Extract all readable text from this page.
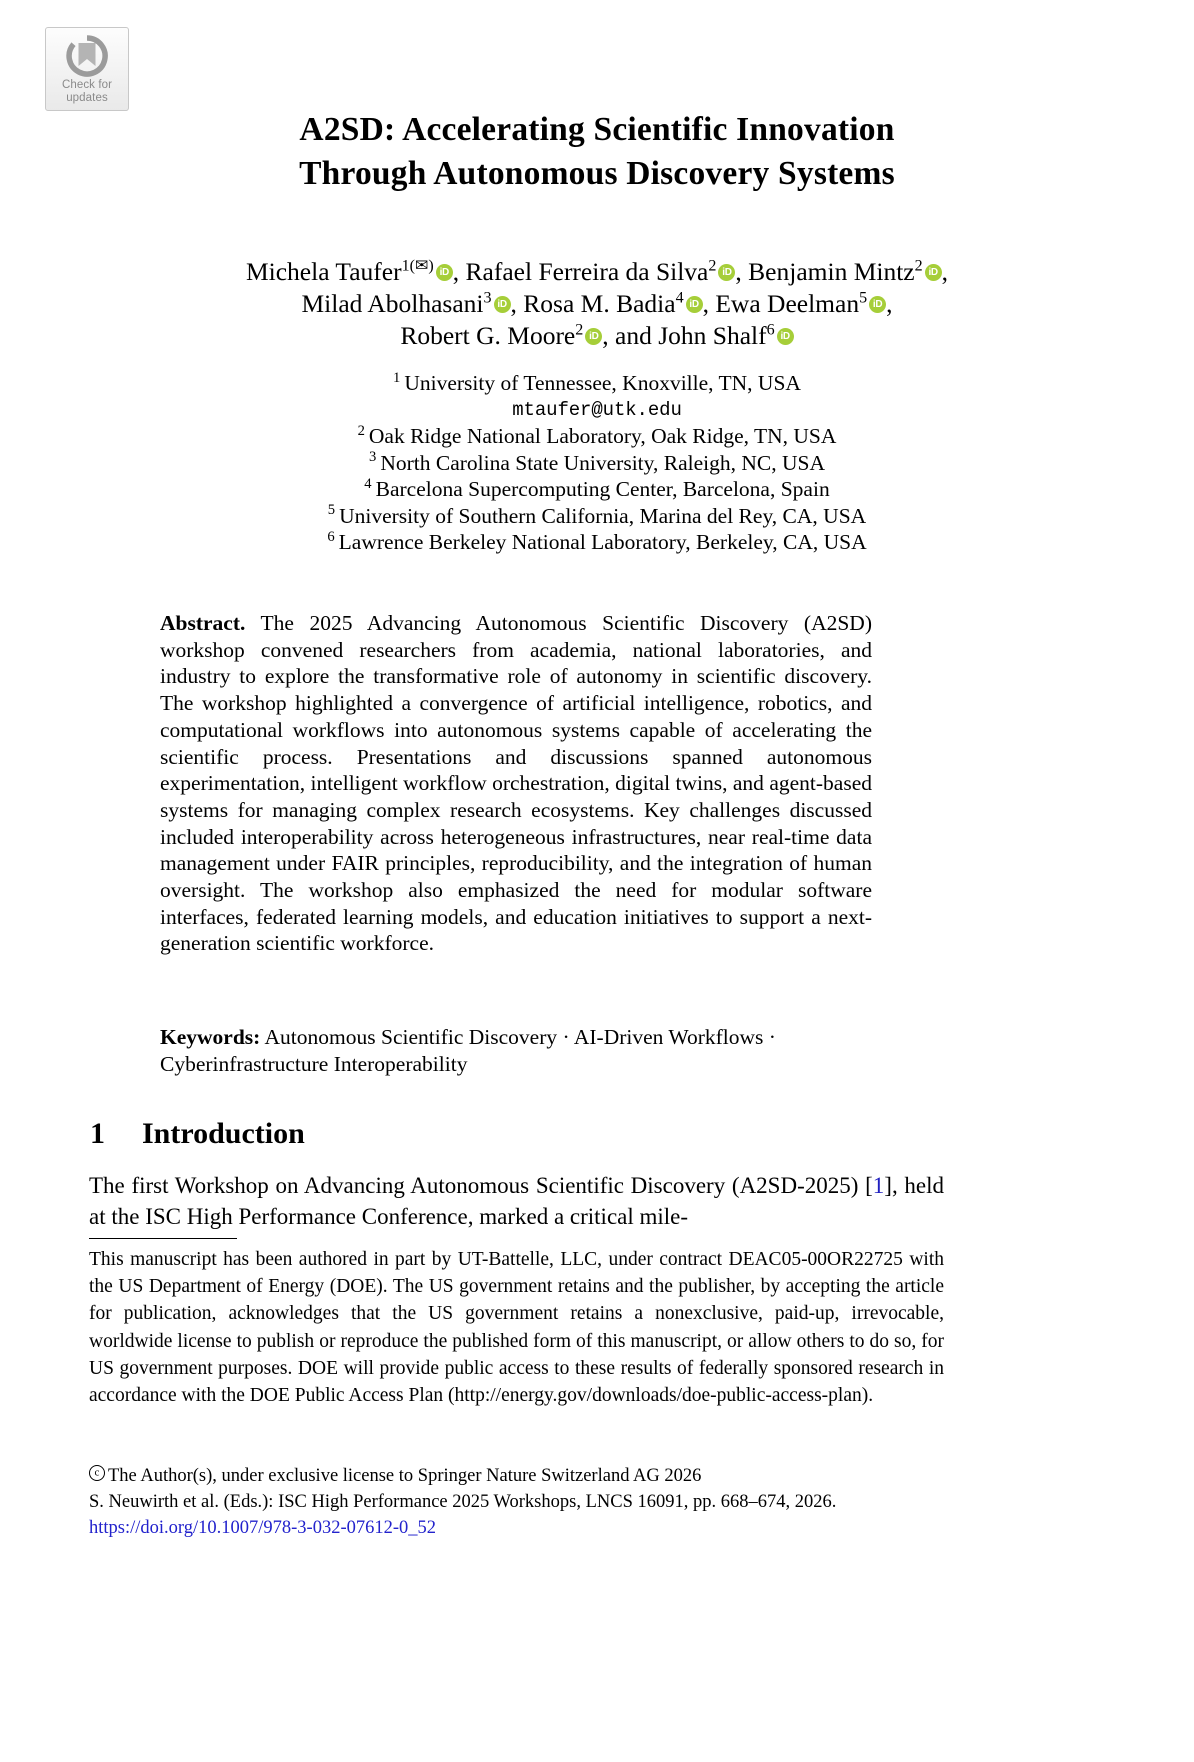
Check for
updates
A2SD: Accelerating Scientific Innovation
Through Autonomous Discovery Systems
Michela Taufer$^{1(✉)}$ iD , Rafael Ferreira da Silva$^2$ iD , Benjamin Mintz$^2$ iD ,
Milad Abolhasani$^3$ iD , Rosa M. Badia$^4$ iD , Ewa Deelman$^5$ iD ,
Robert G. Moore$^2$ iD , and John Shalf$^6$iD
$^1$ University of Tennessee, Knoxville, TN, USA
mtaufer@utk.edu
$^2$ Oak Ridge National Laboratory, Oak Ridge, TN, USA
$^3$ North Carolina State University, Raleigh, NC, USA
$^4$ Barcelona Supercomputing Center, Barcelona, Spain
$^5$ University of Southern California, Marina del Rey, CA, USA
$^6$ Lawrence Berkeley National Laboratory, Berkeley, CA, USA
Abstract. The 2025 Advancing Autonomous Scientific Discovery (A2SD) workshop convened researchers from academia, national laboratories, and industry to explore the transformative role of autonomy in scientific discovery. The workshop highlighted a convergence of artificial intelligence, robotics, and computational workflows into autonomous systems capable of accelerating the scientific process. Presentations and discussions spanned autonomous experimentation, intelligent workflow orchestration, digital twins, and agent-based systems for managing complex research ecosystems. Key challenges discussed included interoperability across heterogeneous infrastructures, near real-time data management under FAIR principles, reproducibility, and the integration of human oversight. The workshop also emphasized the need for modular software interfaces, federated learning models, and education initiatives to support a next-generation scientific workforce.
Keywords: Autonomous Scientific Discovery · AI-Driven Workflows · Cyberinfrastructure Interoperability
1 Introduction
The first Workshop on Advancing Autonomous Scientific Discovery (A2SD-2025) [1], held at the ISC High Performance Conference, marked a critical mile-
This manuscript has been authored in part by UT-Battelle, LLC, under contract DEAC05-00OR22725 with the US Department of Energy (DOE). The US government retains and the publisher, by accepting the article for publication, acknowledges that the US government retains a nonexclusive, paid-up, irrevocable, worldwide license to publish or reproduce the published form of this manuscript, or allow others to do so, for US government purposes. DOE will provide public access to these results of federally sponsored research in accordance with the DOE Public Access Plan (http://energy.gov/downloads/doe-public-access-plan).
cThe Author(s), under exclusive license to Springer Nature Switzerland AG 2026
S. Neuwirth et al. (Eds.): ISC High Performance 2025 Workshops, LNCS 16091, pp. 668–674, 2026.
https://doi.org/10.1007/978-3-032-07612-0_52
